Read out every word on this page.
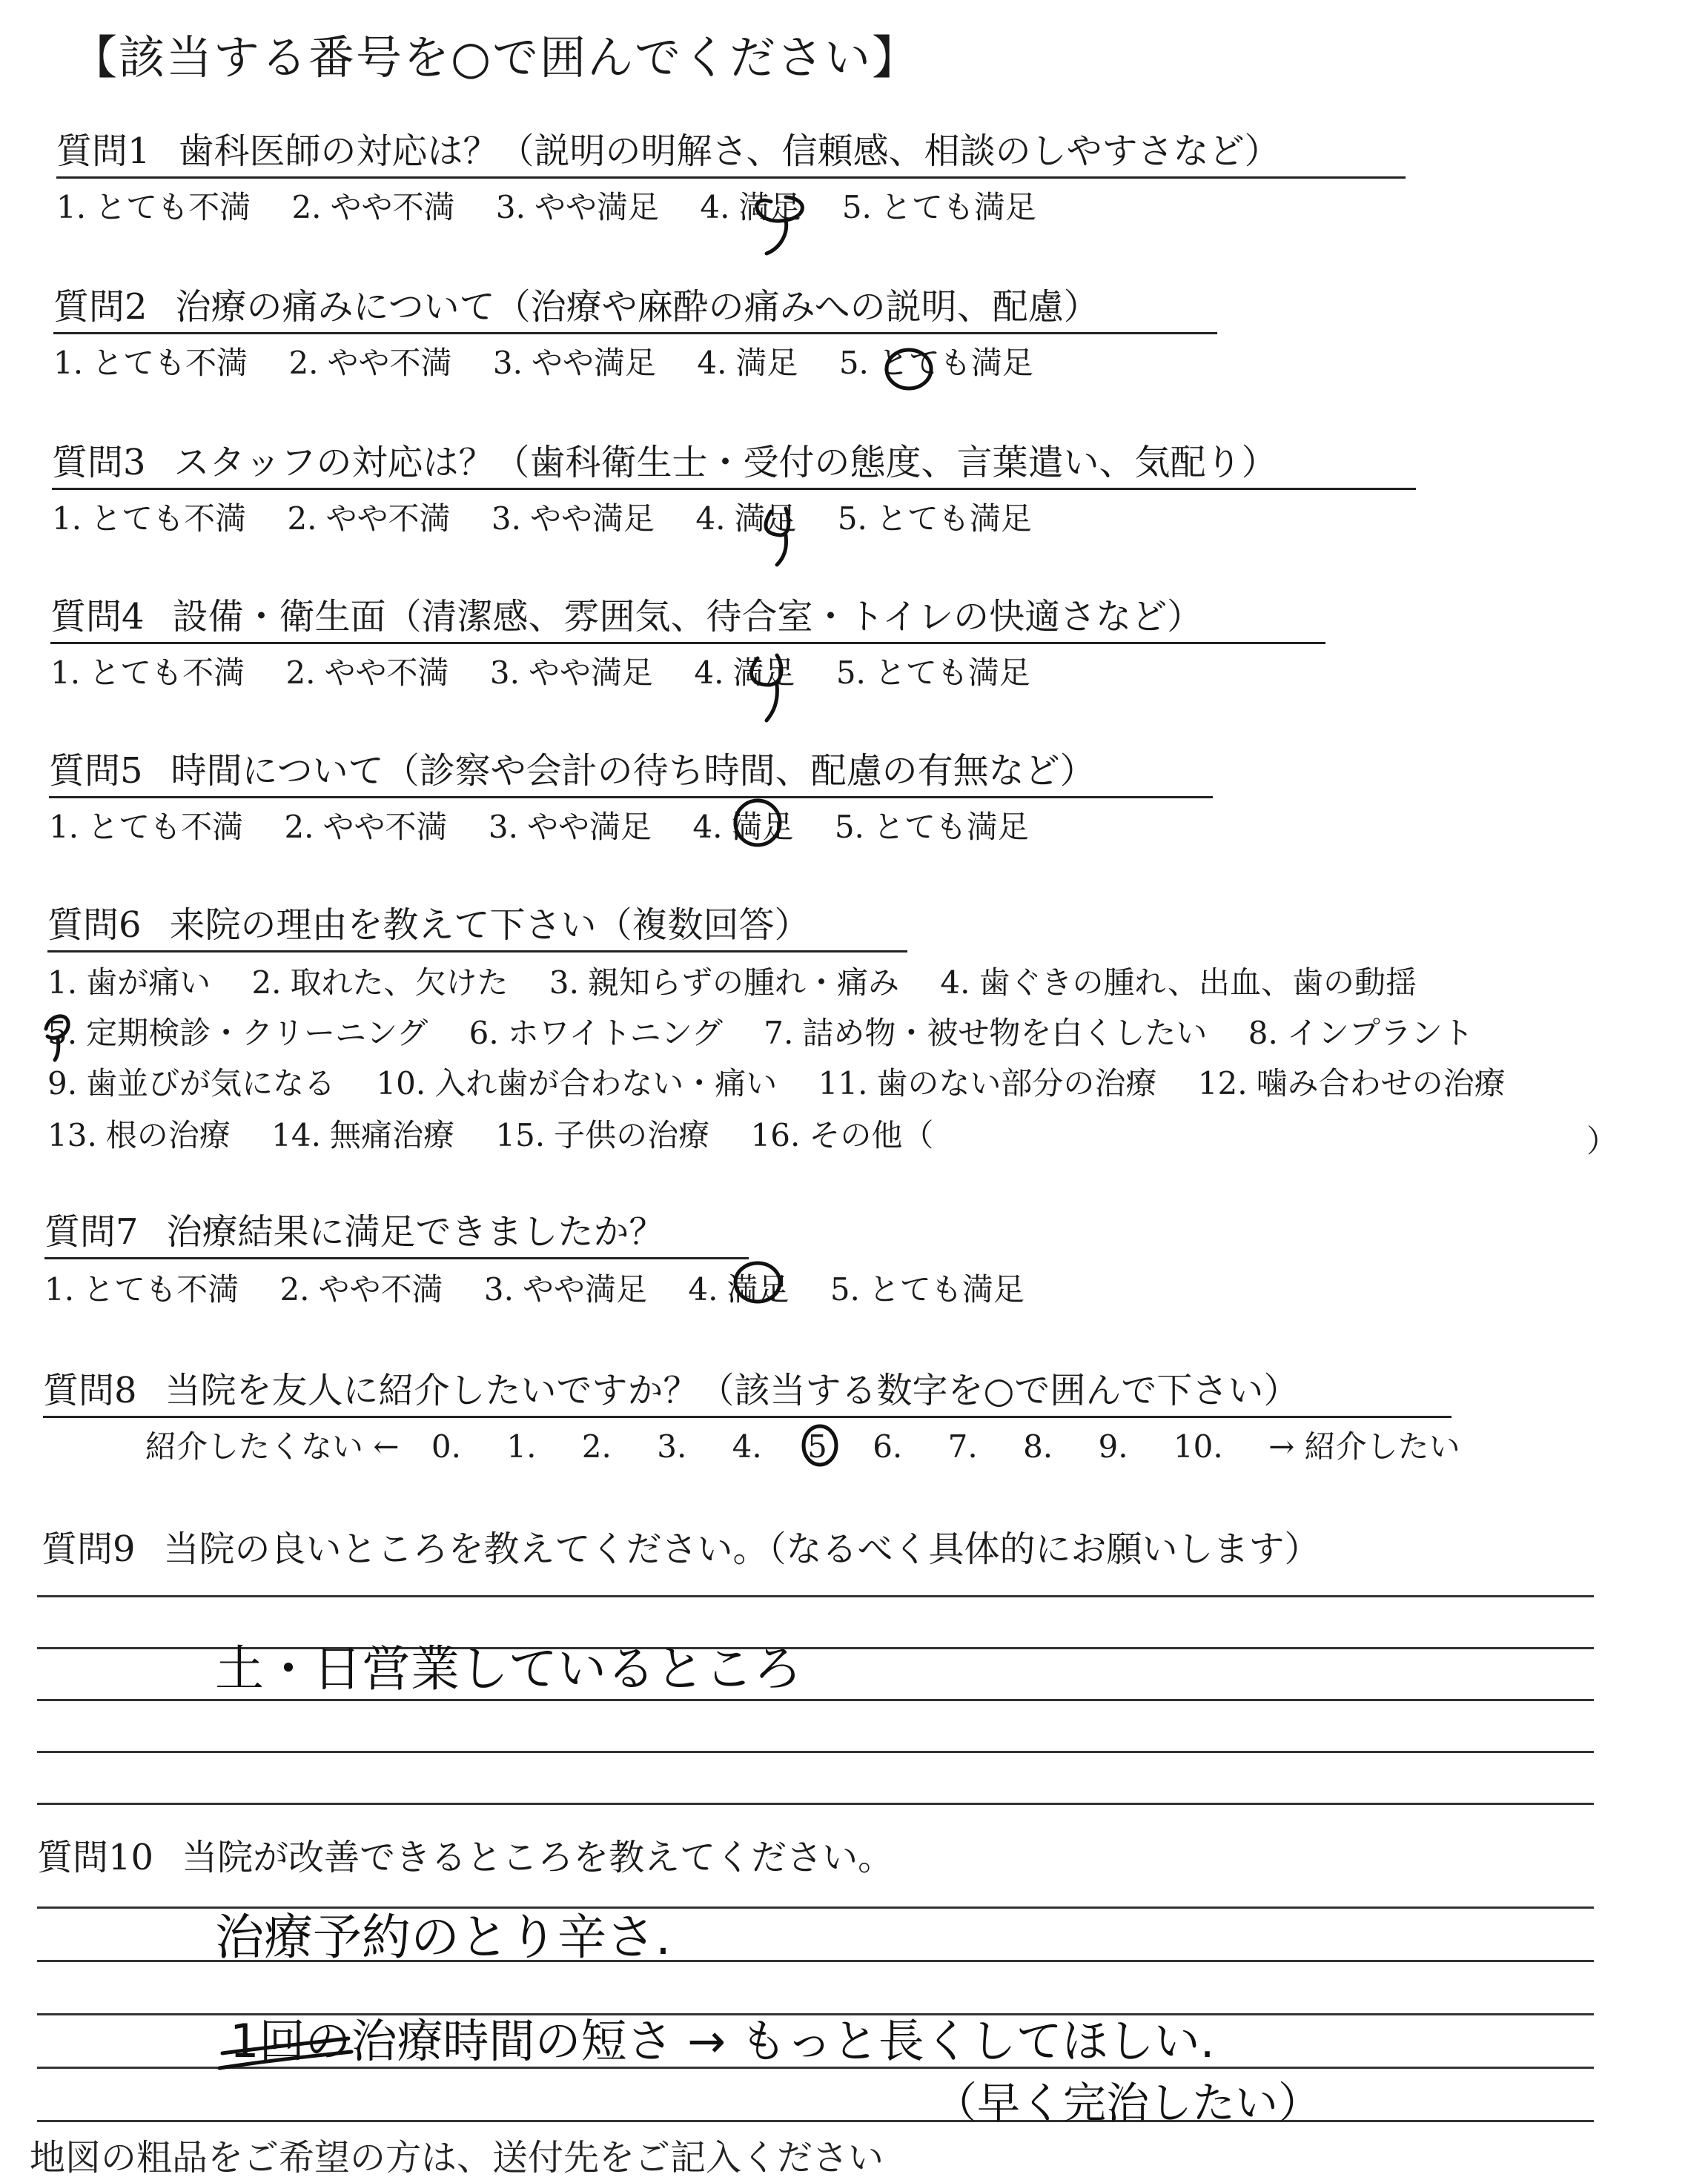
【該当する番号を○で囲んでください】
質問1 歯科医師の対応は？（説明の明解さ、信頼感、相談のしやすさなど）
1. とても不満 2. やや不満 3. やや満足 4. 満足 5. とても満足
質問2 治療の痛みについて（治療や麻酔の痛みへの説明、配慮）
1. とても不満 2. やや不満 3. やや満足 4. 満足 5. とても満足
質問3 スタッフの対応は？（歯科衛生士・受付の態度、言葉遣い、気配り）
1. とても不満 2. やや不満 3. やや満足 4. 満足 5. とても満足
質問4 設備・衛生面（清潔感、雰囲気、待合室・トイレの快適さなど）
1. とても不満 2. やや不満 3. やや満足 4. 満足 5. とても満足
質問5 時間について（診察や会計の待ち時間、配慮の有無など）
1. とても不満 2. やや不満 3. やや満足 4. 満足 5. とても満足
質問6 来院の理由を教えて下さい（複数回答）
1. 歯が痛い 2. 取れた、欠けた 3. 親知らずの腫れ・痛み 4. 歯ぐきの腫れ、出血、歯の動揺
5. 定期検診・クリーニング 6. ホワイトニング 7. 詰め物・被せ物を白くしたい 8. インプラント
9. 歯並びが気になる 10. 入れ歯が合わない・痛い 11. 歯のない部分の治療 12. 噛み合わせの治療
13. 根の治療 14. 無痛治療 15. 子供の治療 16. その他（	）
質問7 治療結果に満足できましたか？
1. とても不満 2. やや不満 3. やや満足 4. 満足 5. とても満足
質問8 当院を友人に紹介したいですか？（該当する数字を○で囲んで下さい）
紹介したくない ← 0. 1. 2. 3. 4. 5 6. 7. 8. 9. 10. → 紹介したい
質問9 当院の良いところを教えてください。（なるべく具体的にお願いします）
土・日営業しているところ
質問10 当院が改善できるところを教えてください。
治療予約のとり辛さ.
1回の治療時間の短さ → もっと長くしてほしい.
（早く完治したい）
地図の粗品をご希望の方は、送付先をご記入ください
